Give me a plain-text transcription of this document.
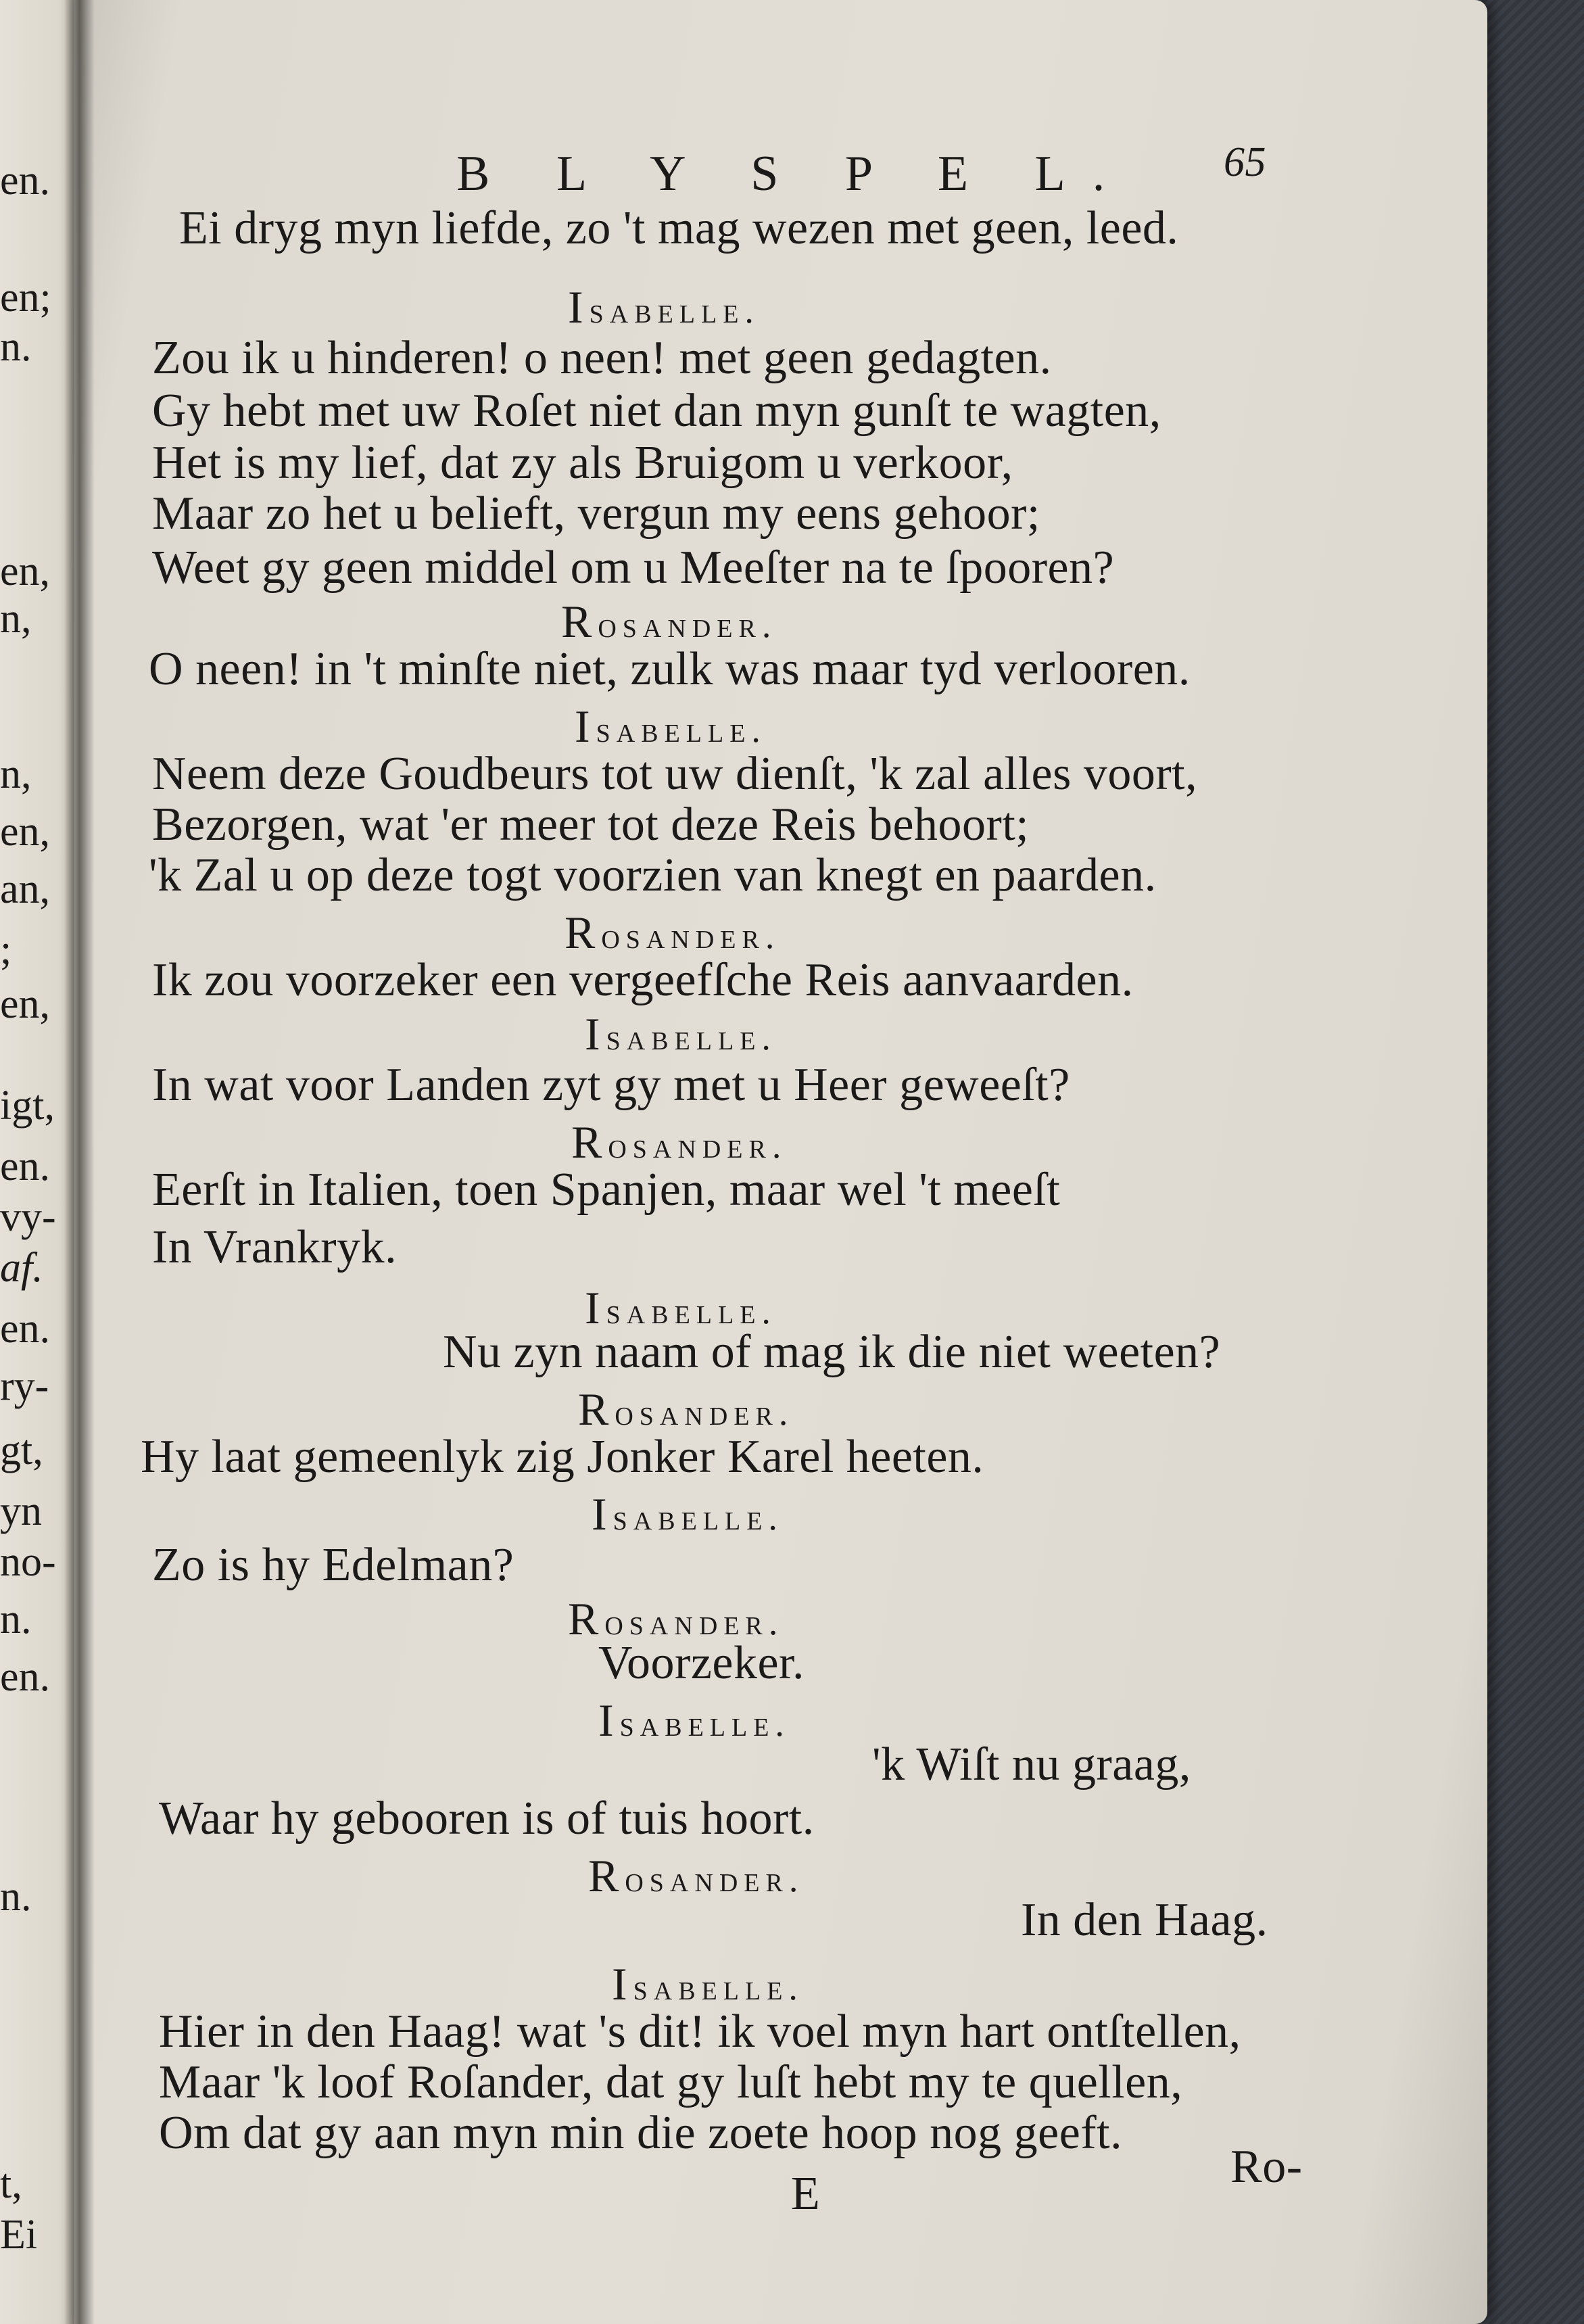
en.
en;
n.
en,
n,
n,
en,
an,
;
en,
igt,
en.
vy-
af.
en.
ry-
gt,
yn
no-
n.
en.
n.
t,
Ei
B L Y S P E L. 65
Ei dryg myn liefde, zo 't mag wezen met geen, leed.
Isabelle.
Zou ik u hinderen! o neen! met geen gedagten.
Gy hebt met uw Roſet niet dan myn gunſt te wagten,
Het is my lief, dat zy als Bruigom u verkoor,
Maar zo het u belieft, vergun my eens gehoor;
Weet gy geen middel om u Meeſter na te ſpooren?
Rosander.
O neen! in 't minſte niet, zulk was maar tyd verlooren.
Isabelle.
Neem deze Goudbeurs tot uw dienſt, 'k zal alles voort,
Bezorgen, wat 'er meer tot deze Reis behoort;
'k Zal u op deze togt voorzien van knegt en paarden.
Rosander.
Ik zou voorzeker een vergeefſche Reis aanvaarden.
Isabelle.
In wat voor Landen zyt gy met u Heer geweeſt?
Rosander.
Eerſt in Italien, toen Spanjen, maar wel 't meeſt
In Vrankryk.
Isabelle.
Nu zyn naam of mag ik die niet weeten?
Rosander.
Hy laat gemeenlyk zig Jonker Karel heeten.
Isabelle.
Zo is hy Edelman?
Rosander.
Voorzeker.
Isabelle.
'k Wiſt nu graag,
Waar hy gebooren is of tuis hoort.
Rosander.
In den Haag.
Isabelle.
Hier in den Haag! wat 's dit! ik voel myn hart ontſtellen,
Maar 'k loof Roſander, dat gy luſt hebt my te quellen,
Om dat gy aan myn min die zoete hoop nog geeft.
E
Ro-
